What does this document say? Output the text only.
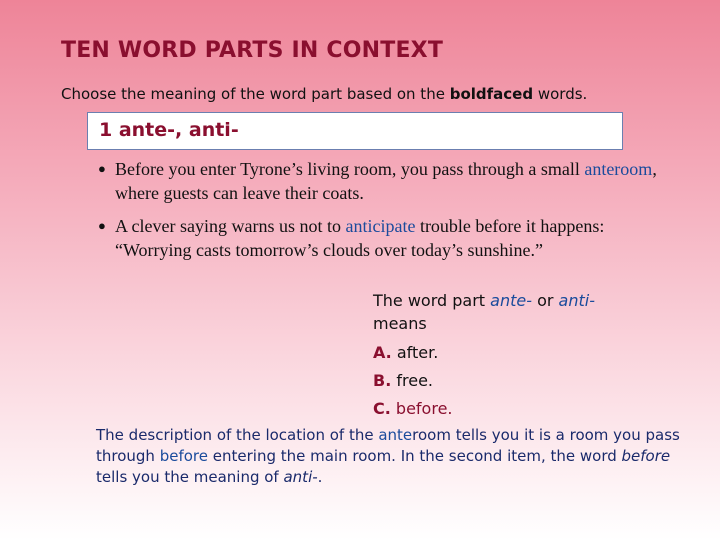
TEN WORD PARTS IN CONTEXT
Choose the meaning of the word part based on the boldfaced words.
1 ante-, anti-
● Before you enter Tyrone’s living room, you pass through a small anteroom, where guests can leave their coats.
● A clever saying warns us not to anticipate trouble before it happens: “Worrying casts tomorrow’s clouds over today’s sunshine.”
The word part ante- or anti-
means
A. after.
B. free.
C. before.
The description of the location of the anteroom tells you it is a room you pass through before entering the main room. In the second item, the word before tells you the meaning of anti-.
